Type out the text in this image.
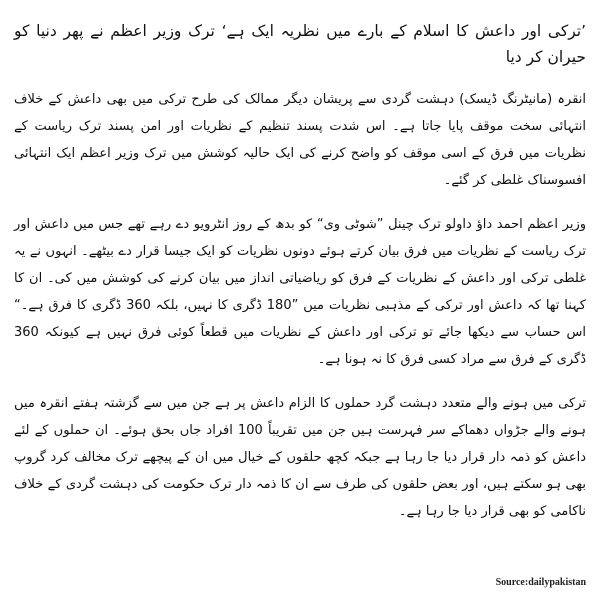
’ترکی اور داعش کا اسلام کے بارے میں نظریہ ایک ہے‘ ترک وزیر اعظم نے پھر دنیا کو حیران کر دیا

انقرہ (مانیٹرنگ ڈیسک) دہشت گردی سے پریشان دیگر ممالک کی طرح ترکی میں بھی داعش کے خلاف انتہائی سخت موقف پایا جاتا ہے۔ اس شدت پسند تنظیم کے نظریات اور امن پسند ترک ریاست کے نظریات میں فرق کے اسی موقف کو واضح کرنے کی ایک حالیہ کوشش میں ترک وزیر اعظم ایک انتہائی افسوسناک غلطی کر گئے۔

وزیر اعظم احمد داؤ داولو ترک چینل ”شوٹی وی“ کو بدھ کے روز انٹرویو دے رہے تھے جس میں داعش اور ترک ریاست کے نظریات میں فرق بیان کرتے ہوئے دونوں نظریات کو ایک جیسا قرار دے بیٹھے۔ انہوں نے یہ غلطی ترکی اور داعش کے نظریات کے فرق کو ریاضیاتی انداز میں بیان کرنے کی کوشش میں کی۔ ان کا کہنا تھا کہ داعش اور ترکی کے مذہبی نظریات میں ”180 ڈگری کا نہیں، بلکہ 360 ڈگری کا فرق ہے۔“ اس حساب سے دیکھا جائے تو ترکی اور داعش کے نظریات میں قطعاً کوئی فرق نہیں ہے کیونکہ 360 ڈگری کے فرق سے مراد کسی فرق کا نہ ہونا ہے۔

ترکی میں ہونے والے متعدد دہشت گرد حملوں کا الزام داعش پر ہے جن میں سے گزشتہ ہفتے انقرہ میں ہونے والے جڑواں دھماکے سر فہرست ہیں جن میں تقریباً 100 افراد جاں بحق ہوئے۔ ان حملوں کے لئے داعش کو ذمہ دار قرار دیا جا رہا ہے جبکہ کچھ حلقوں کے خیال میں ان کے پیچھے ترک مخالف کرد گروپ بھی ہو سکتے ہیں، اور بعض حلقوں کی طرف سے ان کا ذمہ دار ترک حکومت کی دہشت گردی کے خلاف ناکامی کو بھی قرار دیا جا رہا ہے۔

Source:dailypakistan
